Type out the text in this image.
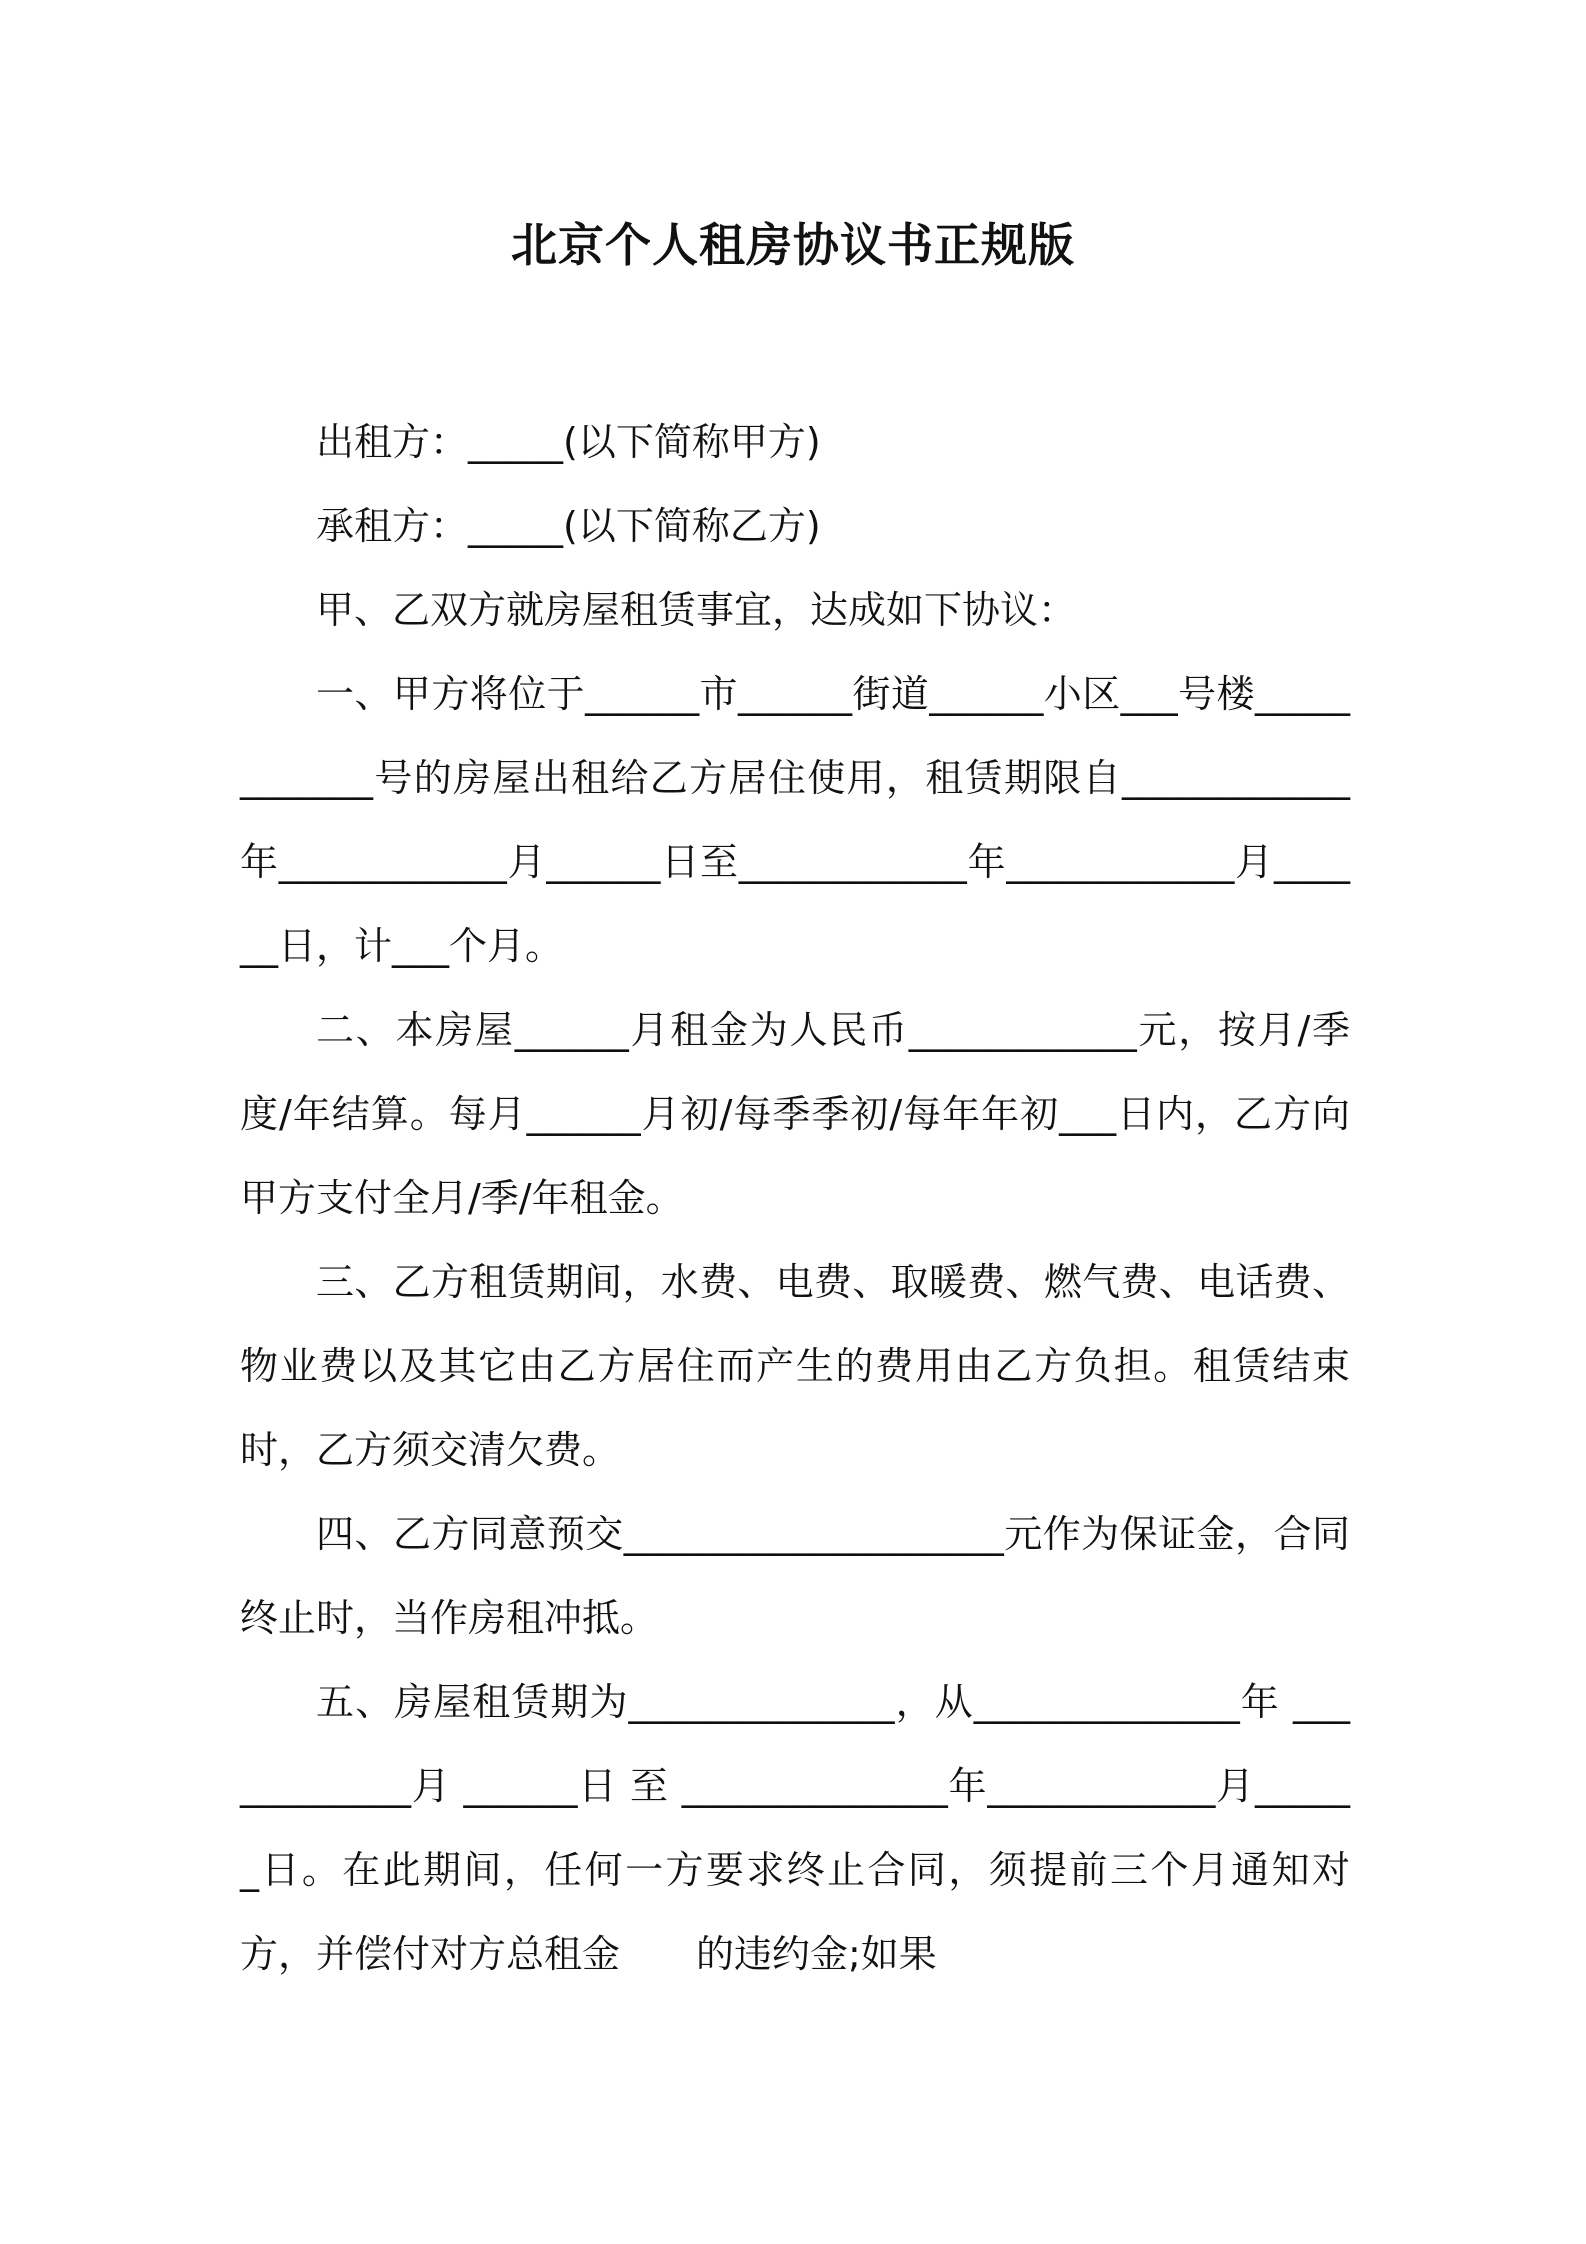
北京个人租房协议书正规版

出租方：_____(以下简称甲方)

承租方：_____(以下简称乙方)

甲、乙双方就房屋租赁事宜，达成如下协议：

一、甲方将位于______市______街道______小区___号楼____________号的房屋出租给乙方居住使用，租赁期限自____________年____________月______日至____________年____________月______日，计___个月。

二、本房屋______月租金为人民币____________元，按月/季度/年结算。每月______月初/每季季初/每年年初___日内，乙方向甲方支付全月/季/年租金。

三、乙方租赁期间，水费、电费、取暖费、燃气费、电话费、物业费以及其它由乙方居住而产生的费用由乙方负担。租赁结束时，乙方须交清欠费。

四、乙方同意预交____________________元作为保证金，合同终止时，当作房租冲抵。

五、房屋租赁期为______________，从______________年 ____________月 ______日 至 ______________年____________月______日。在此期间，任何一方要求终止合同，须提前三个月通知对方，并偿付对方总租金　　的违约金;如果
